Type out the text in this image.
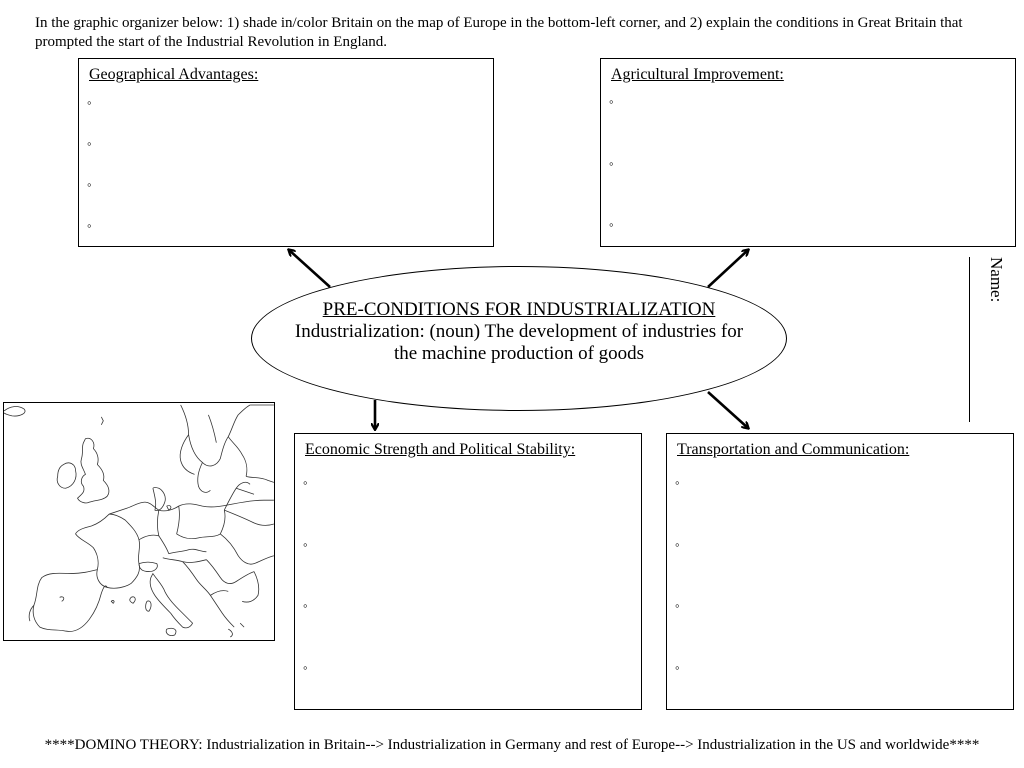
In the graphic organizer below: 1) shade in/color Britain on the map of Europe in the bottom-left corner, and 2) explain the conditions in Great Britain that prompted the start of the Industrial Revolution in England.
Geographical Advantages:
◦
◦
◦
◦
Agricultural Improvement:
◦
◦
◦
PRE-CONDITIONS FOR INDUSTRIALIZATION
Industrialization: (noun) The development of industries for the machine production of goods
Economic Strength and Political Stability:
◦
◦
◦
◦
Transportation and Communication:
◦
◦
◦
◦
Name:
****DOMINO THEORY: Industrialization in Britain--> Industrialization in Germany and rest of Europe--> Industrialization in the US and worldwide****
